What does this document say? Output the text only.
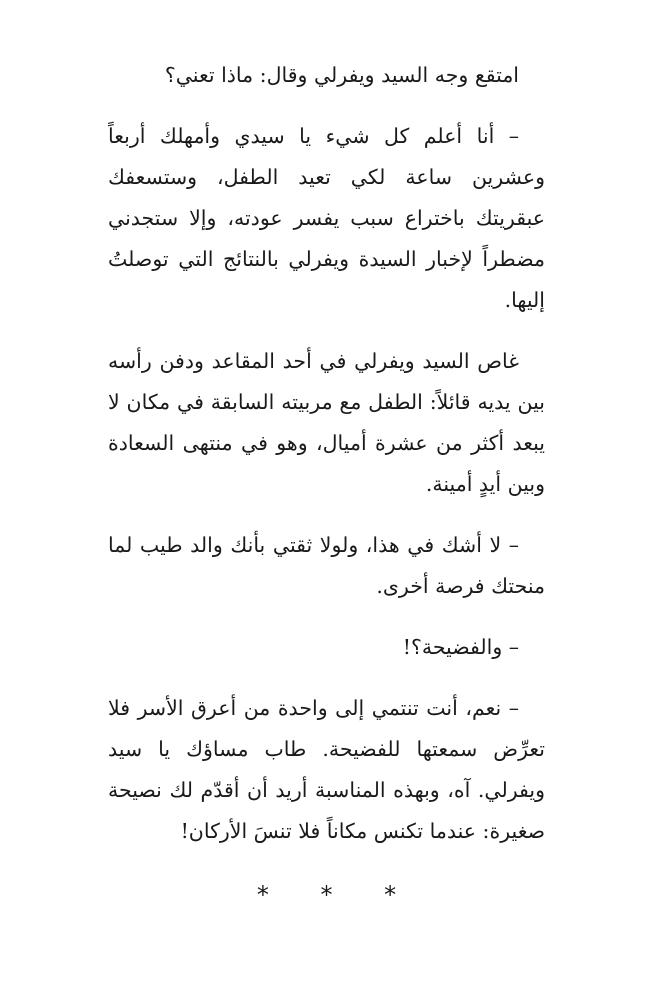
امتقع وجه السيد ويفرلي وقال: ماذا تعني؟

– أنا أعلم كل شيء يا سيدي وأمهلك أربعاً وعشرين ساعة لكي تعيد الطفل، وستسعفك عبقريتك باختراع سبب يفسر عودته، وإلا ستجدني مضطراً لإخبار السيدة ويفرلي بالنتائج التي توصلتُ إليها.

غاص السيد ويفرلي في أحد المقاعد ودفن رأسه بين يديه قائلاً: الطفل مع مربيته السابقة في مكان لا يبعد أكثر من عشرة أميال، وهو في منتهى السعادة وبين أيدٍ أمينة.

– لا أشك في هذا، ولولا ثقتي بأنك والد طيب لما منحتك فرصة أخرى.

– والفضيحة؟!

– نعم، أنت تنتمي إلى واحدة من أعرق الأسر فلا تعرِّض سمعتها للفضيحة. طاب مساؤك يا سيد ويفرلي. آه، وبهذه المناسبة أريد أن أقدّم لك نصيحة صغيرة: عندما تكنس مكاناً فلا تنسَ الأركان!

* * *
